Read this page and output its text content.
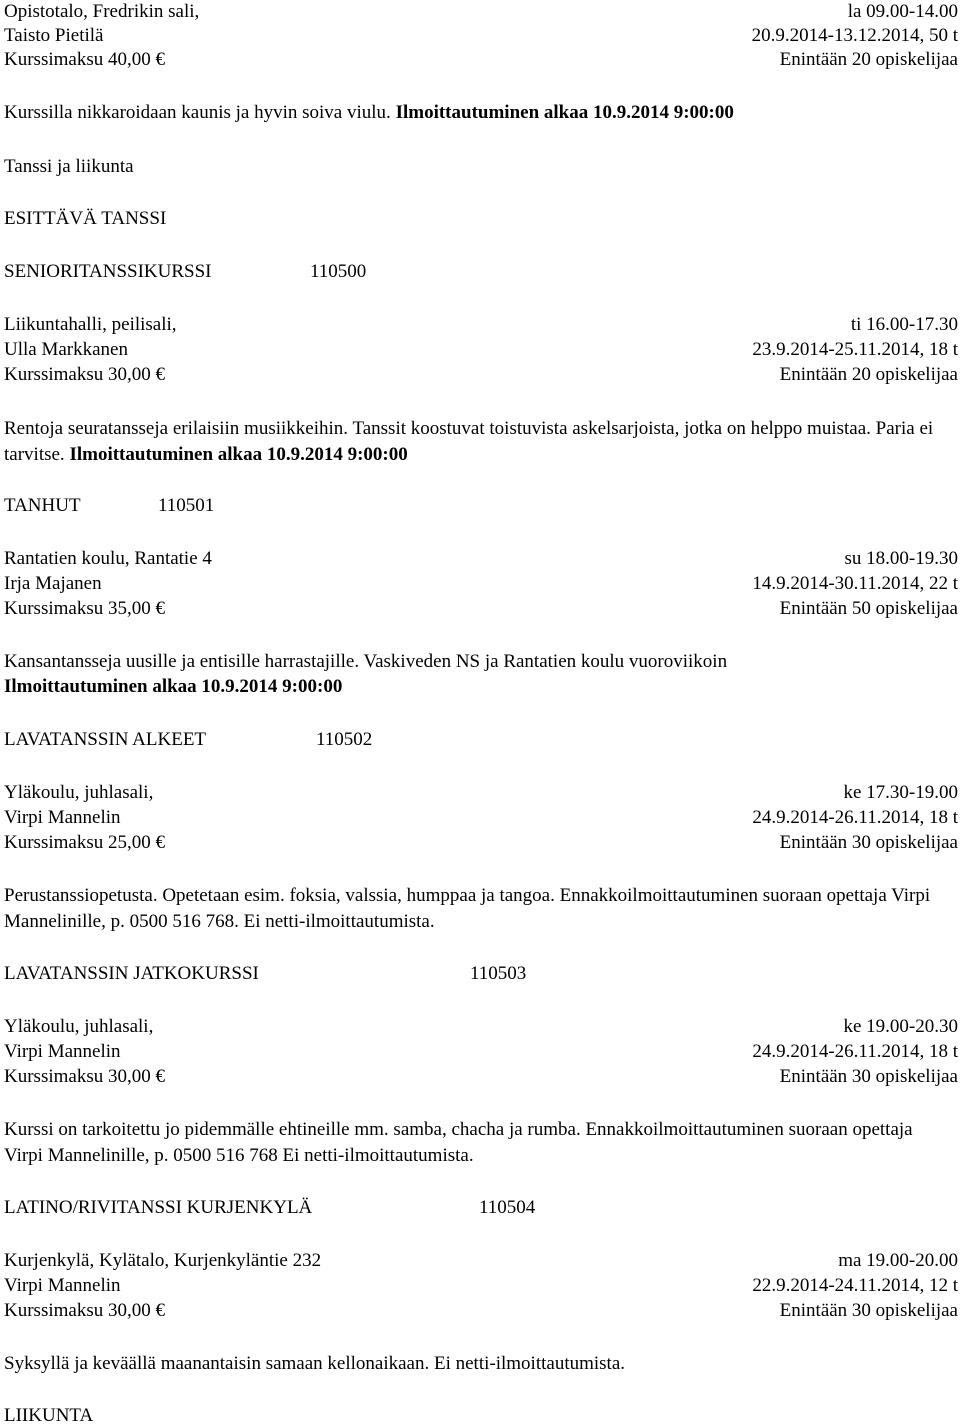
Opistotalo, Fredrikin sali,	la 09.00-14.00
Taisto Pietilä	20.9.2014-13.12.2014, 50 t
Kurssimaksu 40,00 €	Enintään 20 opiskelijaa
Kurssilla nikkaroidaan kaunis ja hyvin soiva viulu. Ilmoittautuminen alkaa 10.9.2014 9:00:00
Tanssi ja liikunta
ESITTÄVÄ TANSSI
SENIORITANSSIKURSSI	110500
Liikuntahalli, peilisali,	ti 16.00-17.30
Ulla Markkanen	23.9.2014-25.11.2014, 18 t
Kurssimaksu 30,00 €	Enintään 20 opiskelijaa
Rentoja seuratansseja erilaisiin musiikkeihin. Tanssit koostuvat toistuvista askelsarjoista, jotka on helppo muistaa. Paria ei tarvitse. Ilmoittautuminen alkaa 10.9.2014 9:00:00
TANHUT	110501
Rantatien koulu, Rantatie 4	su 18.00-19.30
Irja Majanen	14.9.2014-30.11.2014, 22 t
Kurssimaksu 35,00 €	Enintään 50 opiskelijaa
Kansantansseja uusille ja entisille harrastajille. Vaskiveden NS ja Rantatien koulu vuoroviikoin
Ilmoittautuminen alkaa 10.9.2014 9:00:00
LAVATANSSIN ALKEET	110502
Yläkoulu, juhlasali,	ke 17.30-19.00
Virpi Mannelin	24.9.2014-26.11.2014, 18 t
Kurssimaksu 25,00 €	Enintään 30 opiskelijaa
Perustanssiopetusta. Opetetaan esim. foksia, valssia, humppaa ja tangoa. Ennakkoilmoittautuminen suoraan opettaja Virpi Mannelinille, p. 0500 516 768. Ei netti-ilmoittautumista.
LAVATANSSIN JATKOKURSSI	110503
Yläkoulu, juhlasali,	ke 19.00-20.30
Virpi Mannelin	24.9.2014-26.11.2014, 18 t
Kurssimaksu 30,00 €	Enintään 30 opiskelijaa
Kurssi on tarkoitettu jo pidemmälle ehtineille mm. samba, chacha ja rumba. Ennakkoilmoittautuminen suoraan opettaja Virpi Mannelinille, p. 0500 516 768 Ei netti-ilmoittautumista.
LATINO/RIVITANSSI KURJENKYLÄ	110504
Kurjenkylä, Kylätalo, Kurjenkyläntie 232	ma 19.00-20.00
Virpi Mannelin	22.9.2014-24.11.2014, 12 t
Kurssimaksu 30,00 €	Enintään 30 opiskelijaa
Syksyllä ja keväällä maanantaisin samaan kellonaikaan. Ei netti-ilmoittautumista.
LIIKUNTA
